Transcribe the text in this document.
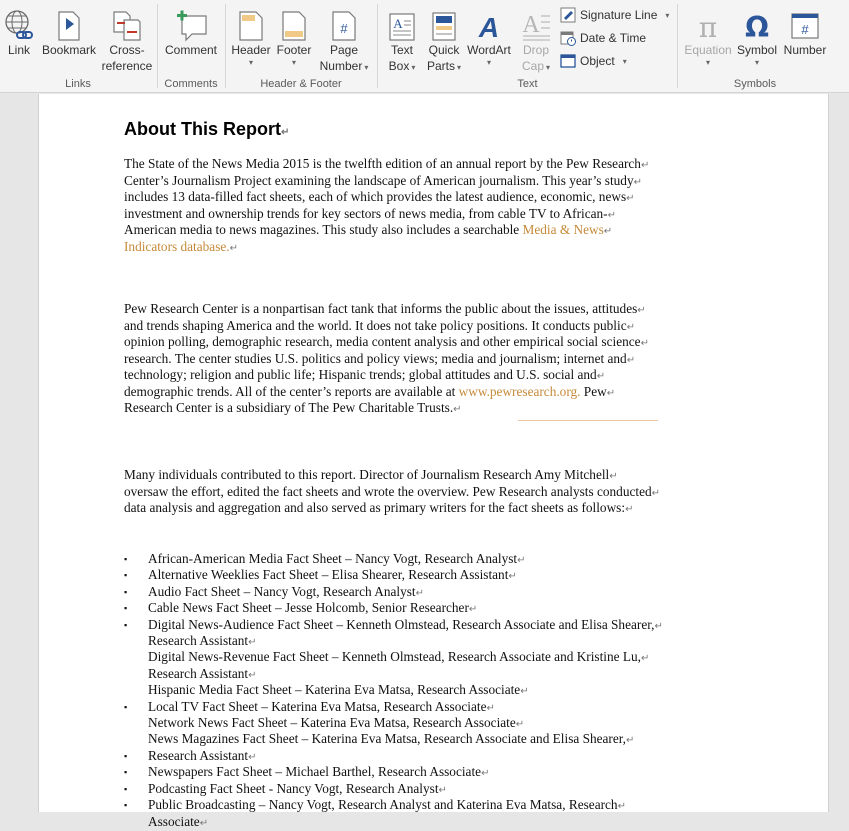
Link Bookmark	Cross-
reference
Links
Comment
Comments
Header
▾
Footer
▾
#
Page
Number ▾
Header & Footer
A
Text
Box ▾
Quick
Parts ▾
A
WordArt
▾
A
Drop
Cap ▾
Signature Line ▾
Date & Time
Object ▾
Text
π
Equation
▾
Ω
Symbol
▾
#
Number
Symbols
About This Report↵
The State of the News Media 2015 is the twelfth edition of an annual report by the Pew Research↵
Center’s Journalism Project examining the landscape of American journalism. This year’s study↵
includes 13 data-filled fact sheets, each of which provides the latest audience, economic, news↵
investment and ownership trends for key sectors of news media, from cable TV to African-↵
American media to news magazines. This study also includes a searchable Media & News↵
Indicators database.↵
Pew Research Center is a nonpartisan fact tank that informs the public about the issues, attitudes↵
and trends shaping America and the world. It does not take policy positions. It conducts public↵
opinion polling, demographic research, media content analysis and other empirical social science↵
research. The center studies U.S. politics and policy views; media and journalism; internet and↵
technology; religion and public life; Hispanic trends; global attitudes and U.S. social and↵
demographic trends. All of the center’s reports are available at www.pewresearch.org. Pew↵
Research Center is a subsidiary of The Pew Charitable Trusts.↵
Many individuals contributed to this report. Director of Journalism Research Amy Mitchell↵
oversaw the effort, edited the fact sheets and wrote the overview. Pew Research analysts conducted↵
data analysis and aggregation and also served as primary writers for the fact sheets as follows:↵
▪ African-American Media Fact Sheet – Nancy Vogt, Research Analyst↵
▪ Alternative Weeklies Fact Sheet – Elisa Shearer, Research Assistant↵
▪ Audio Fact Sheet – Nancy Vogt, Research Analyst↵
▪ Cable News Fact Sheet – Jesse Holcomb, Senior Researcher↵
▪ Digital News-Audience Fact Sheet – Kenneth Olmstead, Research Associate and Elisa Shearer,↵
Research Assistant↵
Digital News-Revenue Fact Sheet – Kenneth Olmstead, Research Associate and Kristine Lu,↵
Research Assistant↵
Hispanic Media Fact Sheet – Katerina Eva Matsa, Research Associate↵
▪ Local TV Fact Sheet – Katerina Eva Matsa, Research Associate↵
Network News Fact Sheet – Katerina Eva Matsa, Research Associate↵
News Magazines Fact Sheet – Katerina Eva Matsa, Research Associate and Elisa Shearer,↵
▪ Research Assistant↵
▪ Newspapers Fact Sheet – Michael Barthel, Research Associate↵
▪ Podcasting Fact Sheet - Nancy Vogt, Research Analyst↵
▪ Public Broadcasting – Nancy Vogt, Research Analyst and Katerina Eva Matsa, Research↵
Associate↵
